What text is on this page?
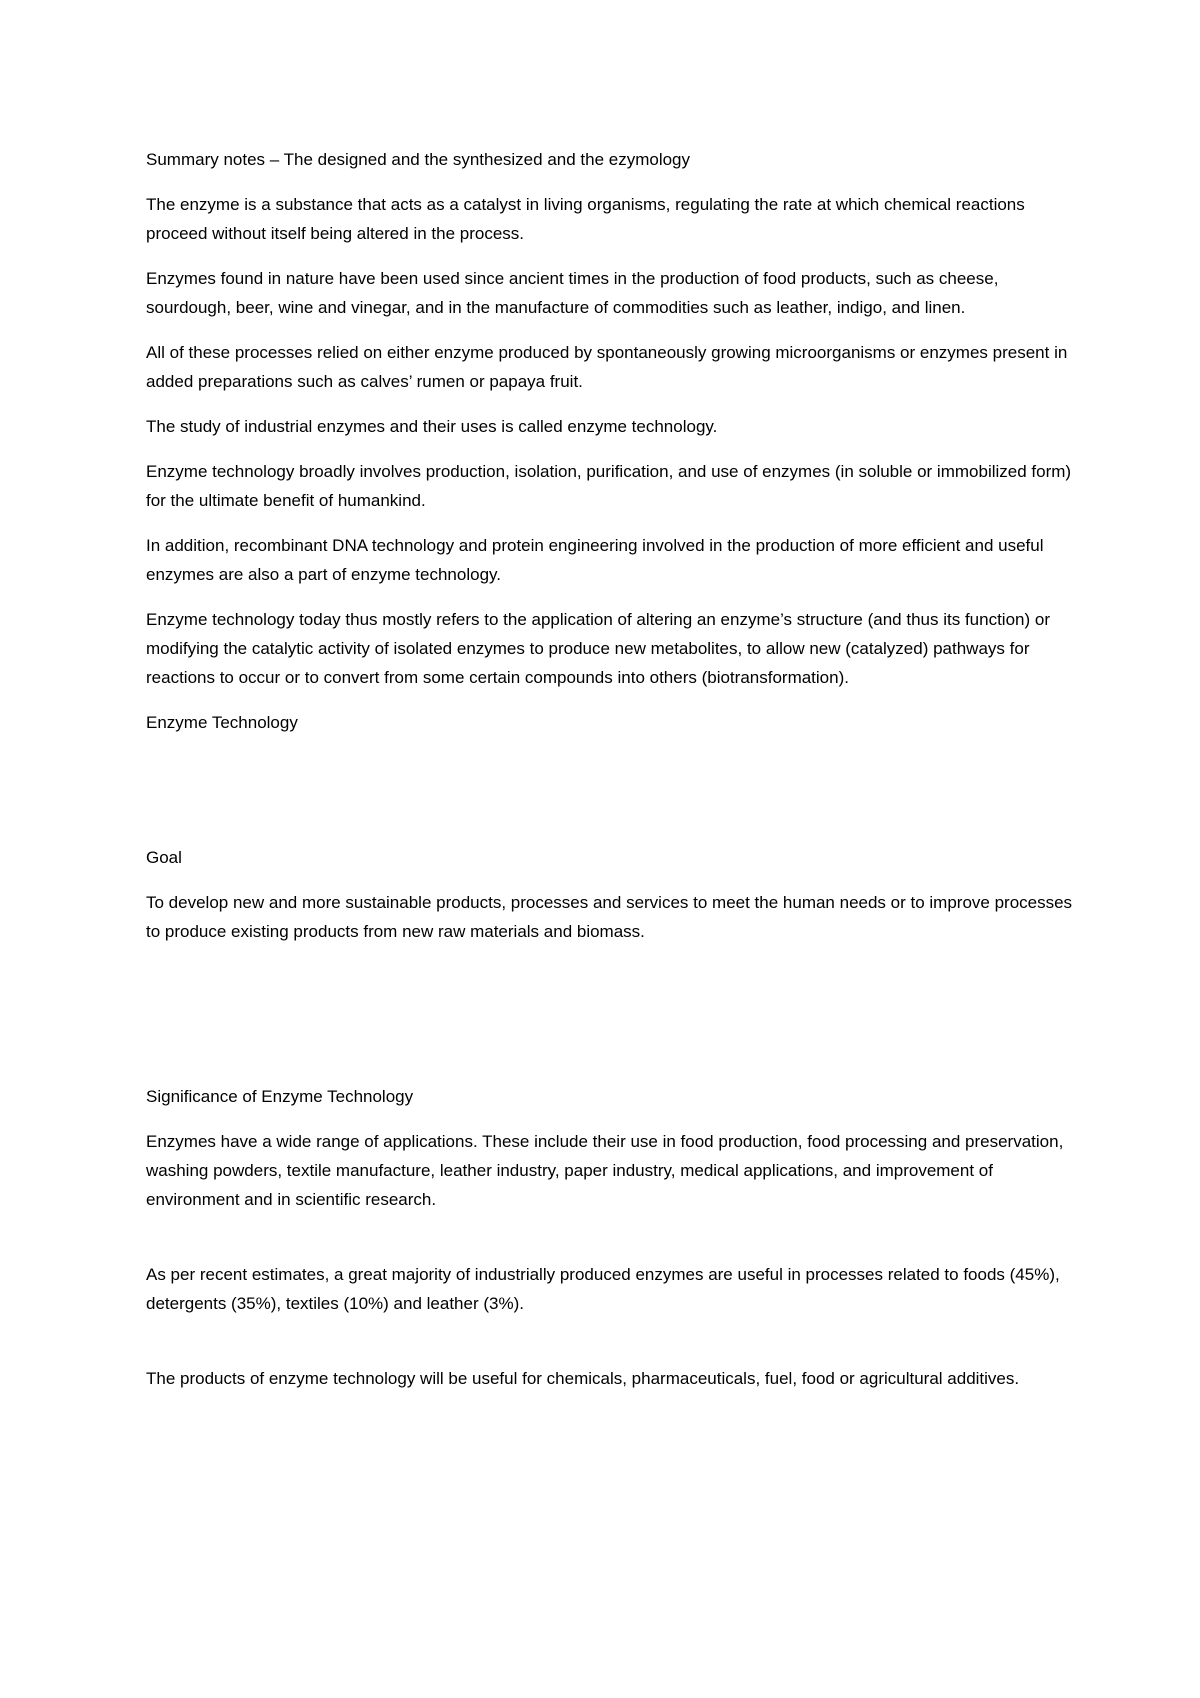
Summary notes – The designed and the synthesized and the ezymology

The enzyme is a substance that acts as a catalyst in living organisms, regulating the rate at which chemical reactions proceed without itself being altered in the process.

Enzymes found in nature have been used since ancient times in the production of food products, such as cheese, sourdough, beer, wine and vinegar, and in the manufacture of commodities such as leather, indigo, and linen.

All of these processes relied on either enzyme produced by spontaneously growing microorganisms or enzymes present in added preparations such as calves’ rumen or papaya fruit.

The study of industrial enzymes and their uses is called enzyme technology.

Enzyme technology broadly involves production, isolation, purification, and use of enzymes (in soluble or immobilized form) for the ultimate benefit of humankind.

In addition, recombinant DNA technology and protein engineering involved in the production of more efficient and useful enzymes are also a part of enzyme technology.

Enzyme technology today thus mostly refers to the application of altering an enzyme’s structure (and thus its function) or modifying the catalytic activity of isolated enzymes to produce new metabolites, to allow new (catalyzed) pathways for reactions to occur or to convert from some certain compounds into others (biotransformation).

Enzyme Technology

Goal

To develop new and more sustainable products, processes and services to meet the human needs or to improve processes to produce existing products from new raw materials and biomass.

Significance of Enzyme Technology

Enzymes have a wide range of applications. These include their use in food production, food processing and preservation, washing powders, textile manufacture, leather industry, paper industry, medical applications, and improvement of environment and in scientific research.

As per recent estimates, a great majority of industrially produced enzymes are useful in processes related to foods (45%), detergents (35%), textiles (10%) and leather (3%).

The products of enzyme technology will be useful for chemicals, pharmaceuticals, fuel, food or agricultural additives.
